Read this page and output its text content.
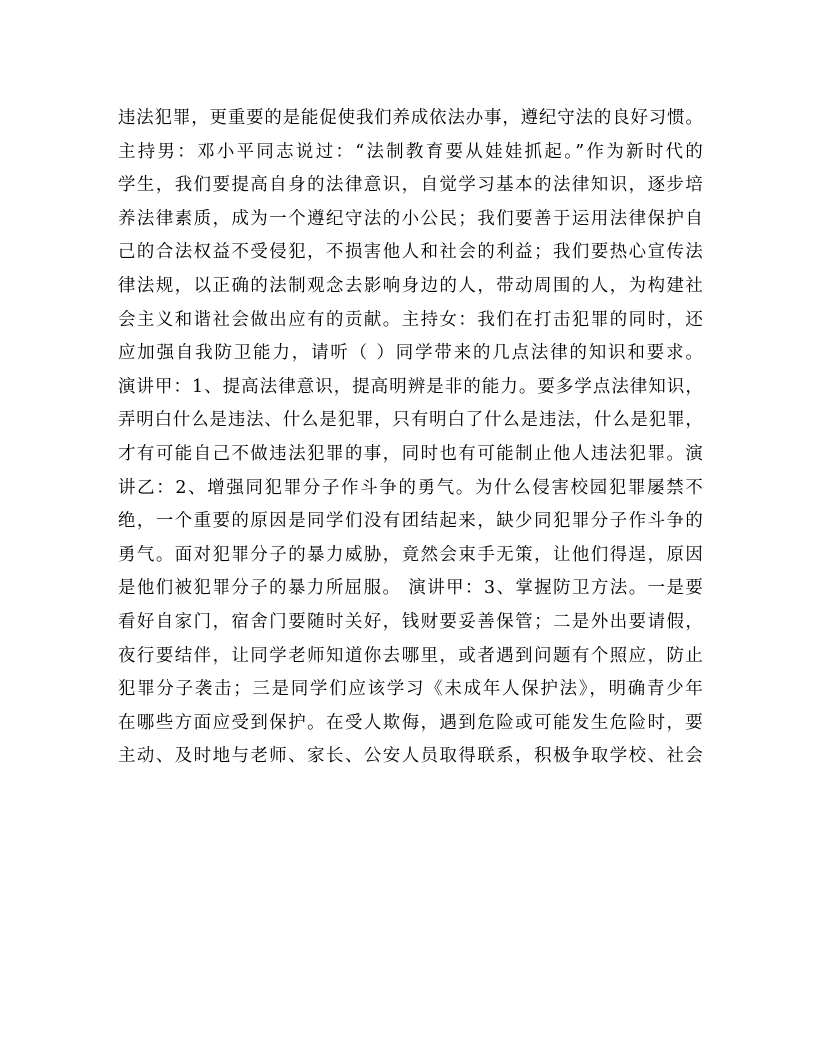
违法犯罪，更重要的是能促使我们养成依法办事，遵纪守法的良好习惯。
主持男：邓小平同志说过：“法制教育要从娃娃抓起。”作为新时代的
学生，我们要提高自身的法律意识，自觉学习基本的法律知识，逐步培
养法律素质，成为一个遵纪守法的小公民；我们要善于运用法律保护自
己的合法权益不受侵犯，不损害他人和社会的利益；我们要热心宣传法
律法规，以正确的法制观念去影响身边的人，带动周围的人，为构建社
会主义和谐社会做出应有的贡献。主持女：我们在打击犯罪的同时，还
应加强自我防卫能力，请听（ ）同学带来的几点法律的知识和要求。
演讲甲：1、提高法律意识，提高明辨是非的能力。要多学点法律知识，
弄明白什么是违法、什么是犯罪，只有明白了什么是违法，什么是犯罪，
才有可能自己不做违法犯罪的事，同时也有可能制止他人违法犯罪。演
讲乙：2、增强同犯罪分子作斗争的勇气。为什么侵害校园犯罪屡禁不
绝，一个重要的原因是同学们没有团结起来，缺少同犯罪分子作斗争的
勇气。面对犯罪分子的暴力威胁，竟然会束手无策，让他们得逞，原因
是他们被犯罪分子的暴力所屈服。 演讲甲：3、掌握防卫方法。一是要
看好自家门，宿舍门要随时关好，钱财要妥善保管；二是外出要请假，
夜行要结伴，让同学老师知道你去哪里，或者遇到问题有个照应，防止
犯罪分子袭击；三是同学们应该学习《未成年人保护法》，明确青少年
在哪些方面应受到保护。在受人欺侮，遇到危险或可能发生危险时，要
主动、及时地与老师、家长、公安人员取得联系，积极争取学校、社会
